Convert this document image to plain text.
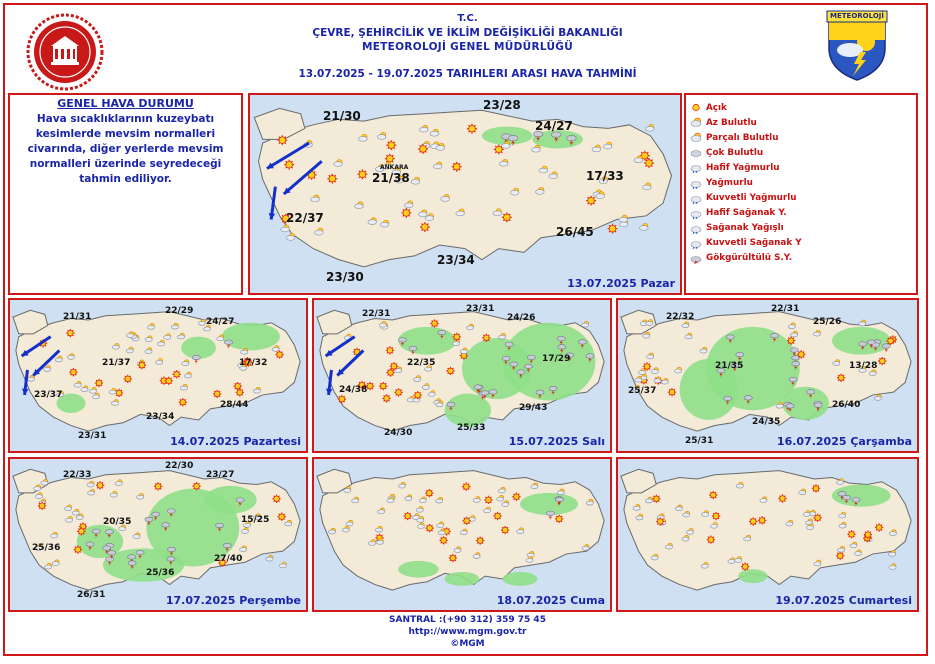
T.C.
ÇEVRE, ŞEHİRCİLİK VE İKLİM DEĞİŞİKLİĞİ BAKANLIĞI
METEOROLOJİ GENEL MÜDÜRLÜĞÜ
13.07.2025 - 19.07.2025 TARIHLERI ARASI HAVA TAHMİNİ
METEOROLOJİ
GENEL HAVA DURUMU
Hava sıcaklıklarının kuzeybatı kesimlerde mevsim normalleri civarında, diğer yerlerde mevsim normalleri üzerinde seyredeceği tahmin ediliyor.
21/30
23/28
24/27
21/38	17/33
22/37
26/45
23/34
23/30
ANKARA
13.07.2025 Pazar
Açık
Az Bulutlu
Parçalı Bulutlu
Çok Bulutlu
Hafif Yağmurlu
Yağmurlu
Kuvvetli Yağmurlu
Hafif Sağanak Y.
Sağanak Yağışlı
Kuvvetli Sağanak Y
Gökgürültülü S.Y.
21/31
22/29
24/27
21/37	17/32
23/37
28/44
23/34
23/31	14.07.2025 Pazartesi
22/31	23/31
24/26
22/35	17/29
24/38
29/43
24/30	25/33
15.07.2025 Salı
22/32
22/31
25/26
21/35	13/28
25/37
26/40
25/31
24/35
16.07.2025 Çarşamba
22/33
22/30
23/27
20/35	15/25
25/36
27/40
25/36
26/31	17.07.2025 Perşembe	18.07.2025 Cuma	19.07.2025 Cumartesi
SANTRAL :(+90 312) 359 75 45
http://www.mgm.gov.tr
©MGM
